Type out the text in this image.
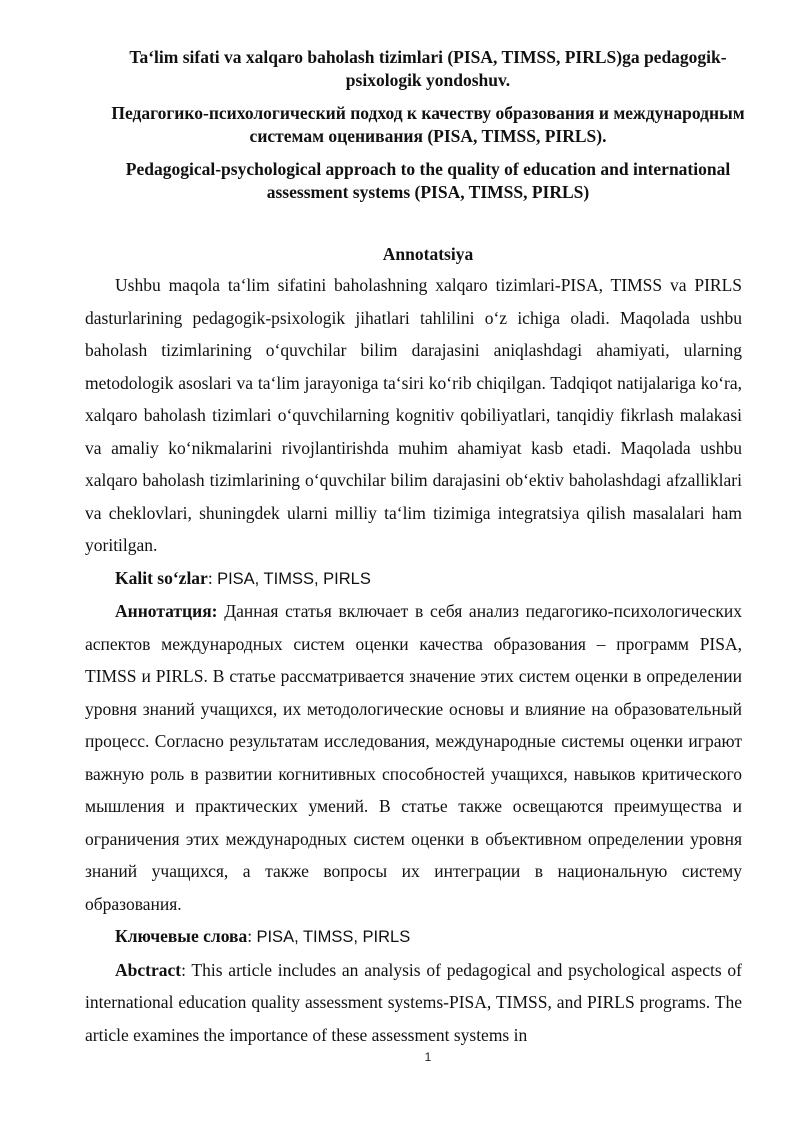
Ta‘lim sifati va xalqaro baholash tizimlari (PISA, TIMSS, PIRLS)ga pedagogik-psixologik yondoshuv.

Педагогико-психологический подход к качеству образования и международным системам оценивания (PISA, TIMSS, PIRLS).

Pedagogical-psychological approach to the quality of education and international assessment systems (PISA, TIMSS, PIRLS)

Annotatsiya

Ushbu maqola ta‘lim sifatini baholashning xalqaro tizimlari-PISA, TIMSS va PIRLS dasturlarining pedagogik-psixologik jihatlari tahlilini o‘z ichiga oladi. Maqolada ushbu baholash tizimlarining o‘quvchilar bilim darajasini aniqlashdagi ahamiyati, ularning metodologik asoslari va ta‘lim jarayoniga ta‘siri ko‘rib chiqilgan. Tadqiqot natijalariga ko‘ra, xalqaro baholash tizimlari o‘quvchilarning kognitiv qobiliyatlari, tanqidiy fikrlash malakasi va amaliy ko‘nikmalarini rivojlantirishda muhim ahamiyat kasb etadi. Maqolada ushbu xalqaro baholash tizimlarining o‘quvchilar bilim darajasini ob‘ektiv baholashdagi afzalliklari va cheklovlari, shuningdek ularni milliy ta‘lim tizimiga integratsiya qilish masalalari ham yoritilgan.

Kalit so‘zlar: PISA, TIMSS, PIRLS

Аннотатция: Данная статья включает в себя анализ педагогико-психологических аспектов международных систем оценки качества образования – программ PISA, TIMSS и PIRLS. В статье рассматривается значение этих систем оценки в определении уровня знаний учащихся, их методологические основы и влияние на образовательный процесс. Согласно результатам исследования, международные системы оценки играют важную роль в развитии когнитивных способностей учащихся, навыков критического мышления и практических умений. В статье также освещаются преимущества и ограничения этих международных систем оценки в объективном определении уровня знаний учащихся, а также вопросы их интеграции в национальную систему образования.

Ключевые слова: PISA, TIMSS, PIRLS

Abctract: This article includes an analysis of pedagogical and psychological aspects of international education quality assessment systems-PISA, TIMSS, and PIRLS programs. The article examines the importance of these assessment systems in

1
